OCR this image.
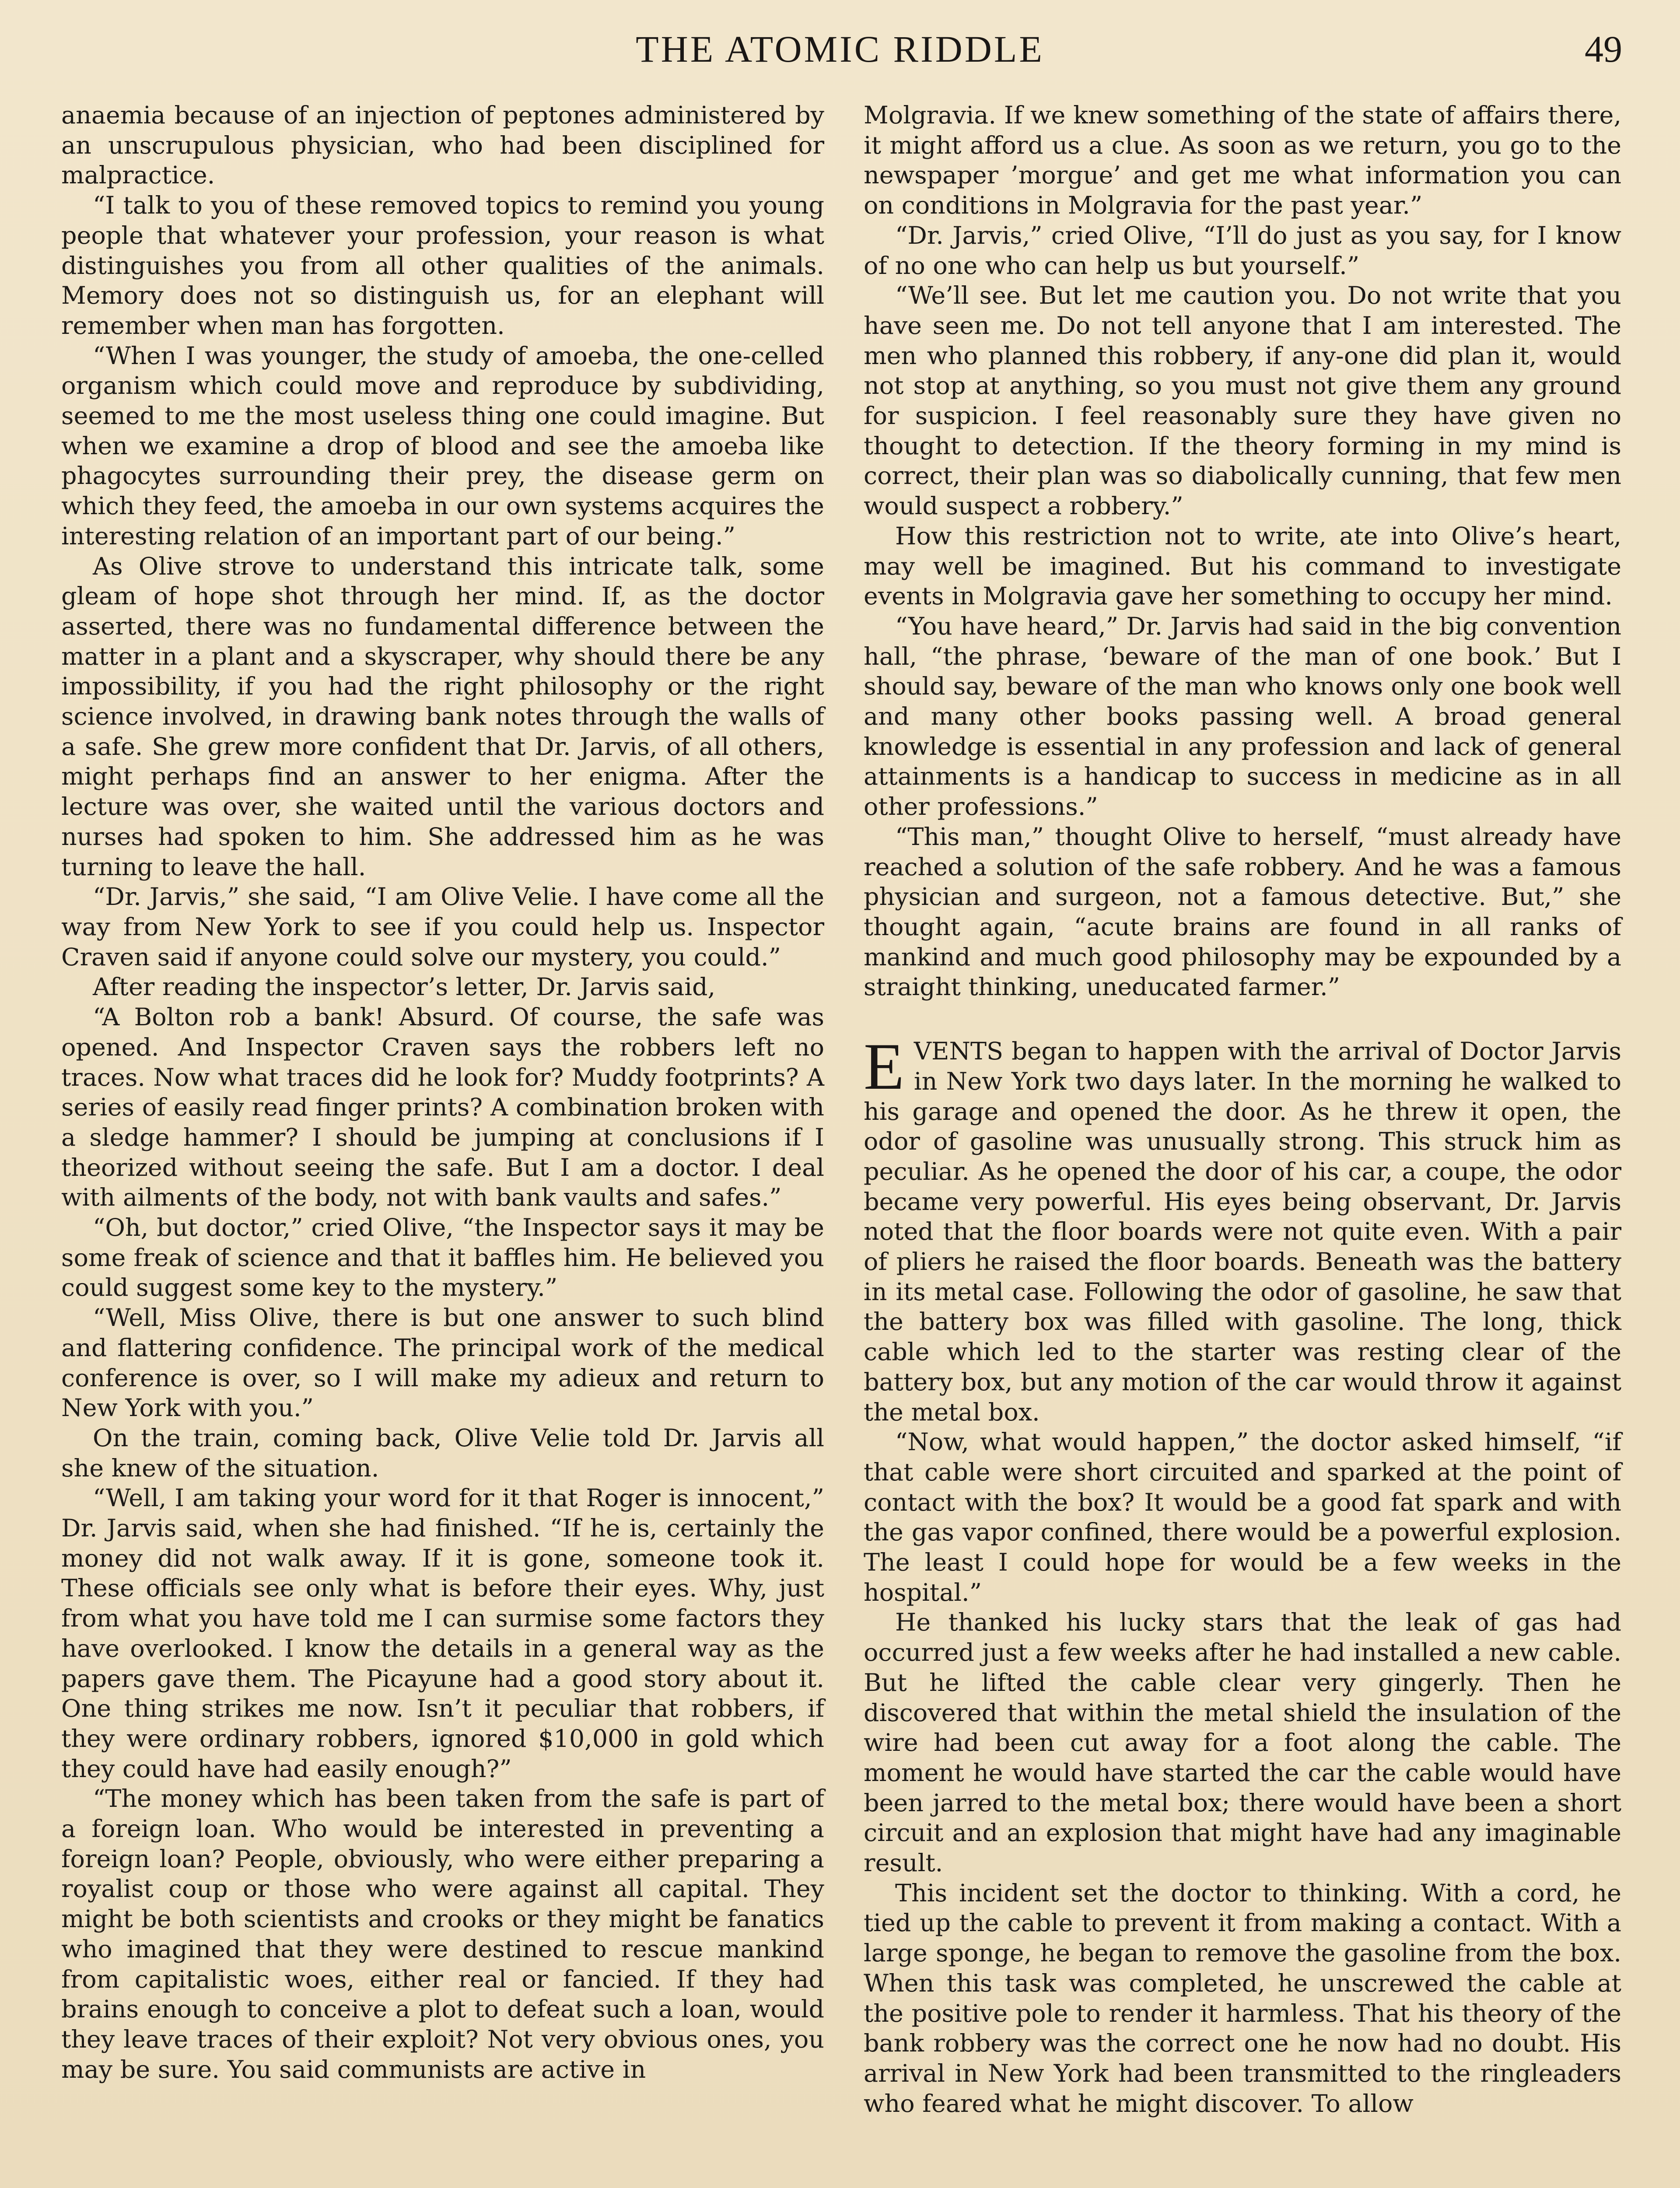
THE ATOMIC RIDDLE	49

anaemia because of an injection of peptones administered by an unscrupulous physician, who had been disciplined for malpractice.

“I talk to you of these removed topics to remind you young people that whatever your profession, your reason is what distinguishes you from all other qualities of the animals. Memory does not so distinguish us, for an elephant will remember when man has forgotten.

“When I was younger, the study of amoeba, the one-celled organism which could move and reproduce by subdividing, seemed to me the most useless thing one could imagine. But when we examine a drop of blood and see the amoeba like phagocytes surrounding their prey, the disease germ on which they feed, the amoeba in our own systems acquires the interesting relation of an important part of our being.”

As Olive strove to understand this intricate talk, some gleam of hope shot through her mind. If, as the doctor asserted, there was no fundamental difference between the matter in a plant and a skyscraper, why should there be any impossibility, if you had the right philosophy or the right science involved, in drawing bank notes through the walls of a safe. She grew more confident that Dr. Jarvis, of all others, might perhaps find an answer to her enigma. After the lecture was over, she waited until the various doctors and nurses had spoken to him. She addressed him as he was turning to leave the hall.

“Dr. Jarvis,” she said, “I am Olive Velie. I have come all the way from New York to see if you could help us. Inspector Craven said if anyone could solve our mystery, you could.”

After reading the inspector’s letter, Dr. Jarvis said,

“A Bolton rob a bank! Absurd. Of course, the safe was opened. And Inspector Craven says the robbers left no traces. Now what traces did he look for? Muddy footprints? A series of easily read finger prints? A combination broken with a sledge hammer? I should be jumping at conclusions if I theorized without seeing the safe. But I am a doctor. I deal with ailments of the body, not with bank vaults and safes.”

“Oh, but doctor,” cried Olive, “the Inspector says it may be some freak of science and that it baffles him. He believed you could suggest some key to the mystery.”

“Well, Miss Olive, there is but one answer to such blind and flattering confidence. The principal work of the medical conference is over, so I will make my adieux and return to New York with you.”

On the train, coming back, Olive Velie told Dr. Jarvis all she knew of the situation.

“Well, I am taking your word for it that Roger is innocent,” Dr. Jarvis said, when she had finished. “If he is, certainly the money did not walk away. If it is gone, someone took it. These officials see only what is before their eyes. Why, just from what you have told me I can surmise some factors they have overlooked. I know the details in a general way as the papers gave them. The Picayune had a good story about it. One thing strikes me now. Isn’t it peculiar that robbers, if they were ordinary robbers, ignored $10,000 in gold which they could have had easily enough?”

“The money which has been taken from the safe is part of a foreign loan. Who would be interested in preventing a foreign loan? People, obviously, who were either preparing a royalist coup or those who were against all capital. They might be both scientists and crooks or they might be fanatics who imagined that they were destined to rescue mankind from capitalistic woes, either real or fancied. If they had brains enough to conceive a plot to defeat such a loan, would they leave traces of their exploit? Not very obvious ones, you may be sure. You said communists are active in

Molgravia. If we knew something of the state of affairs there, it might afford us a clue. As soon as we return, you go to the newspaper ’morgue’ and get me what information you can on conditions in Molgravia for the past year.”

“Dr. Jarvis,” cried Olive, “I’ll do just as you say, for I know of no one who can help us but yourself.”

“We’ll see. But let me caution you. Do not write that you have seen me. Do not tell anyone that I am interested. The men who planned this robbery, if any-one did plan it, would not stop at anything, so you must not give them any ground for suspicion. I feel reasonably sure they have given no thought to detection. If the theory forming in my mind is correct, their plan was so diabolically cunning, that few men would suspect a robbery.”

How this restriction not to write, ate into Olive’s heart, may well be imagined. But his command to investigate events in Molgravia gave her something to occupy her mind.

“You have heard,” Dr. Jarvis had said in the big convention hall, “the phrase, ‘beware of the man of one book.’ But I should say, beware of the man who knows only one book well and many other books passing well. A broad general knowledge is essential in any profession and lack of general attainments is a handicap to success in medicine as in all other professions.”

“This man,” thought Olive to herself, “must already have reached a solution of the safe robbery. And he was a famous physician and surgeon, not a famous detective. But,” she thought again, “acute brains are found in all ranks of mankind and much good philosophy may be expounded by a straight thinking, uneducated farmer.”

EVENTS began to happen with the arrival of Doctor Jarvis in New York two days later. In the morning he walked to his garage and opened the door. As he threw it open, the odor of gasoline was unusually strong. This struck him as peculiar. As he opened the door of his car, a coupe, the odor became very powerful. His eyes being observant, Dr. Jarvis noted that the floor boards were not quite even. With a pair of pliers he raised the floor boards. Beneath was the battery in its metal case. Following the odor of gasoline, he saw that the battery box was filled with gasoline. The long, thick cable which led to the starter was resting clear of the battery box, but any motion of the car would throw it against the metal box.

“Now, what would happen,” the doctor asked himself, “if that cable were short circuited and sparked at the point of contact with the box? It would be a good fat spark and with the gas vapor confined, there would be a powerful explosion. The least I could hope for would be a few weeks in the hospital.”

He thanked his lucky stars that the leak of gas had occurred just a few weeks after he had installed a new cable. But he lifted the cable clear very gingerly. Then he discovered that within the metal shield the insulation of the wire had been cut away for a foot along the cable. The moment he would have started the car the cable would have been jarred to the metal box; there would have been a short circuit and an explosion that might have had any imaginable result.

This incident set the doctor to thinking. With a cord, he tied up the cable to prevent it from making a contact. With a large sponge, he began to remove the gasoline from the box. When this task was completed, he unscrewed the cable at the positive pole to render it harmless. That his theory of the bank robbery was the correct one he now had no doubt. His arrival in New York had been transmitted to the ringleaders who feared what he might discover. To allow
